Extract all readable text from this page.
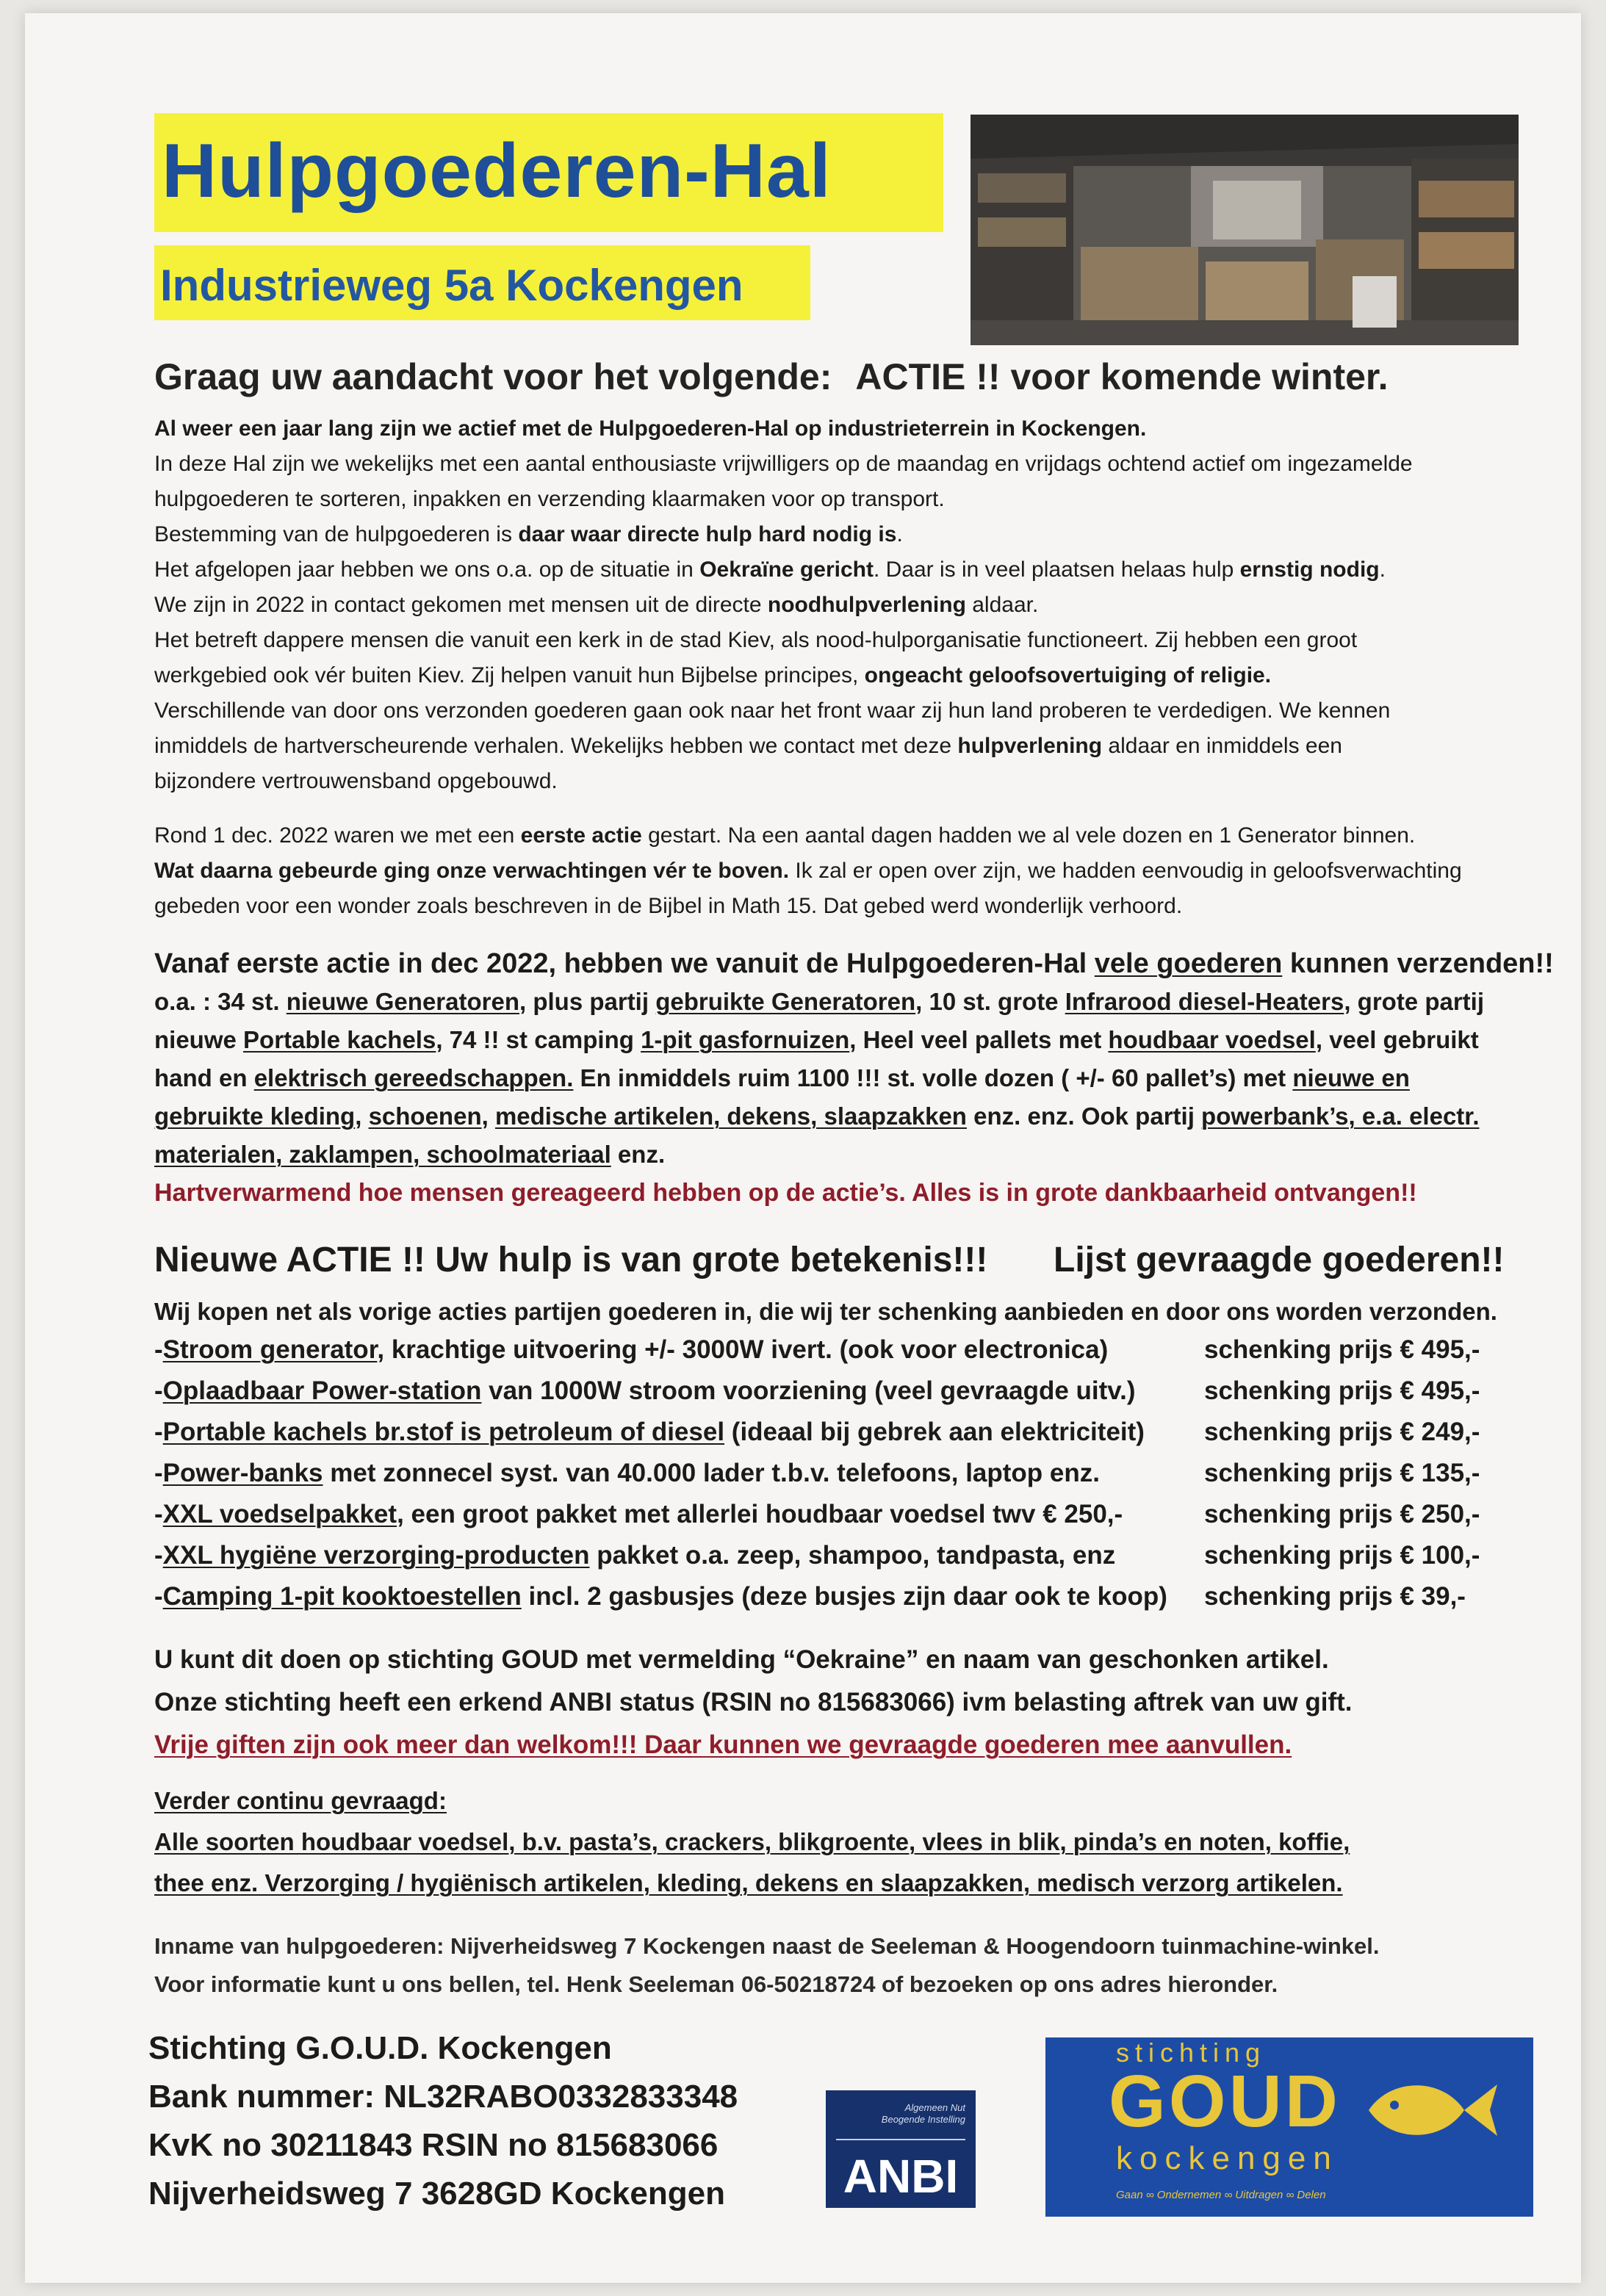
Hulpgoederen-Hal
Industrieweg 5a Kockengen
Graag uw aandacht voor het volgende: ACTIE !! voor komende winter.
Al weer een jaar lang zijn we actief met de Hulpgoederen-Hal op industrieterrein in Kockengen.
In deze Hal zijn we wekelijks met een aantal enthousiaste vrijwilligers op de maandag en vrijdags ochtend actief om ingezamelde
hulpgoederen te sorteren, inpakken en verzending klaarmaken voor op transport.
Bestemming van de hulpgoederen is daar waar directe hulp hard nodig is.
Het afgelopen jaar hebben we ons o.a. op de situatie in Oekraïne gericht. Daar is in veel plaatsen helaas hulp ernstig nodig.
We zijn in 2022 in contact gekomen met mensen uit de directe noodhulpverlening aldaar.
Het betreft dappere mensen die vanuit een kerk in de stad Kiev, als nood-hulporganisatie functioneert. Zij hebben een groot
werkgebied ook vér buiten Kiev. Zij helpen vanuit hun Bijbelse principes, ongeacht geloofsovertuiging of religie.
Verschillende van door ons verzonden goederen gaan ook naar het front waar zij hun land proberen te verdedigen. We kennen
inmiddels de hartverscheurende verhalen. Wekelijks hebben we contact met deze hulpverlening aldaar en inmiddels een
bijzondere vertrouwensband opgebouwd.
Rond 1 dec. 2022 waren we met een eerste actie gestart. Na een aantal dagen hadden we al vele dozen en 1 Generator binnen.
Wat daarna gebeurde ging onze verwachtingen vér te boven. Ik zal er open over zijn, we hadden eenvoudig in geloofsverwachting
gebeden voor een wonder zoals beschreven in de Bijbel in Math 15. Dat gebed werd wonderlijk verhoord.
Vanaf eerste actie in dec 2022, hebben we vanuit de Hulpgoederen-Hal vele goederen kunnen verzenden!!
o.a. : 34 st. nieuwe Generatoren, plus partij gebruikte Generatoren, 10 st. grote Infrarood diesel-Heaters, grote partij
nieuwe Portable kachels, 74 !! st camping 1-pit gasfornuizen, Heel veel pallets met houdbaar voedsel, veel gebruikt
hand en elektrisch gereedschappen. En inmiddels ruim 1100 !!! st. volle dozen ( +/- 60 pallet’s) met nieuwe en
gebruikte kleding, schoenen, medische artikelen, dekens, slaapzakken enz. enz. Ook partij powerbank’s, e.a. electr.
materialen, zaklampen, schoolmateriaal enz.
Hartverwarmend hoe mensen gereageerd hebben op de actie’s. Alles is in grote dankbaarheid ontvangen!!
Nieuwe ACTIE !! Uw hulp is van grote betekenis!!! Lijst gevraagde goederen!!
Wij kopen net als vorige acties partijen goederen in, die wij ter schenking aanbieden en door ons worden verzonden.
-Stroom generator, krachtige uitvoering +/- 3000W ivert. (ook voor electronica)	schenking prijs € 495,-
-Oplaadbaar Power-station van 1000W stroom voorziening (veel gevraagde uitv.)	schenking prijs € 495,-
-Portable kachels br.stof is petroleum of diesel (ideaal bij gebrek aan elektriciteit) schenking prijs € 249,-
-Power-banks met zonnecel syst. van 40.000 lader t.b.v. telefoons, laptop enz.	schenking prijs € 135,-
-XXL voedselpakket, een groot pakket met allerlei houdbaar voedsel twv € 250,-	schenking prijs € 250,-
-XXL hygiëne verzorging-producten pakket o.a. zeep, shampoo, tandpasta, enz	schenking prijs € 100,-
-Camping 1-pit kooktoestellen incl. 2 gasbusjes (deze busjes zijn daar ook te koop) schenking prijs € 39,-
U kunt dit doen op stichting GOUD met vermelding “Oekraine” en naam van geschonken artikel.
Onze stichting heeft een erkend ANBI status (RSIN no 815683066) ivm belasting aftrek van uw gift.
Vrije giften zijn ook meer dan welkom!!! Daar kunnen we gevraagde goederen mee aanvullen.
Verder continu gevraagd:
Alle soorten houdbaar voedsel, b.v. pasta’s, crackers, blikgroente, vlees in blik, pinda’s en noten, koffie,
thee enz. Verzorging / hygiënisch artikelen, kleding, dekens en slaapzakken, medisch verzorg artikelen.
Inname van hulpgoederen: Nijverheidsweg 7 Kockengen naast de Seeleman & Hoogendoorn tuinmachine-winkel.
Voor informatie kunt u ons bellen, tel. Henk Seeleman 06-50218724 of bezoeken op ons adres hieronder.
Stichting G.O.U.D. Kockengen
Bank nummer: NL32RABO0332833348
KvK no 30211843 RSIN no 815683066
Nijverheidsweg 7 3628GD Kockengen
Algemeen Nut
Beogende Instelling
ANBI
stichting
GOUD
kockengen
Gaan ∞ Ondernemen ∞ Uitdragen ∞ Delen
